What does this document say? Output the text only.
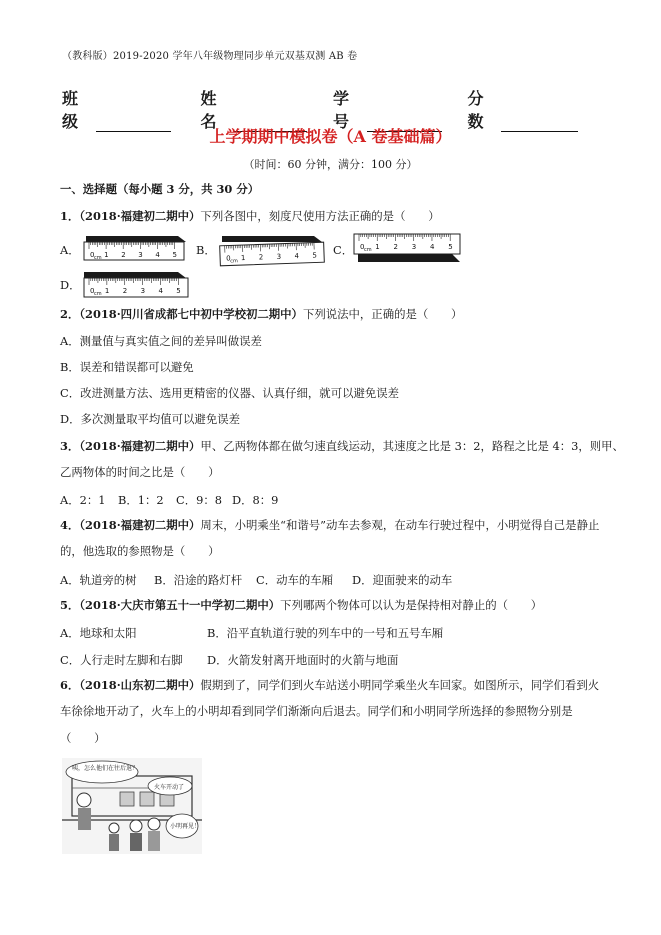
（教科版）2019-2020 学年八年级物理同步单元双基双测 AB 卷
班级
姓名
学号
分数
上学期期中模拟卷（A 卷基础篇）
（时间：60 分钟，满分：100 分）
一、选择题（每小题 3 分，共 30 分）
1．（2018·福建初二期中）下列各图中，刻度尺使用方法正确的是（　　）
A．	B．	C．
D．
0 1 2 3 4 5
cm	0 1 2 3 4 5
cm
0 1 2 3 4 5
cm
0 1 2 3 4 5
cm
2．（2018·四川省成都七中初中学校初二期中）下列说法中，正确的是（　　）
A．测量值与真实值之间的差异叫做误差
B．误差和错误都可以避免
C．改进测量方法、选用更精密的仪器、认真仔细，就可以避免误差
D．多次测量取平均值可以避免误差
3．（2018·福建初二期中）甲、乙两物体都在做匀速直线运动，其速度之比是 3：2，路程之比是 4：3，则甲、
乙两物体的时间之比是（　　）
A．2：1 B．1：2 C．9：8 D．8：9
4．（2018·福建初二期中）周末，小明乘坐“和谐号”动车去参观，在动车行驶过程中，小明觉得自己是静止
的，他选取的参照物是（　　）
A．轨道旁的树 B．沿途的路灯杆 C．动车的车厢 D．迎面驶来的动车
5．（2018·大庆市第五十一中学初二期中）下列哪两个物体可以认为是保持相对静止的（　　）
A．地球和太阳	B．沿平直轨道行驶的列车中的一号和五号车厢
C．人行走时左脚和右脚 D．火箭发射离开地面时的火箭与地面
6．（2018·山东初二期中）假期到了，同学们到火车站送小明同学乘坐火车回家。如图所示，同学们看到火
车徐徐地开动了，火车上的小明却看到同学们渐渐向后退去。同学们和小明同学所选择的参照物分别是
（　　）
咦，怎么他们在往后退？
火车开动了
小明再见！
